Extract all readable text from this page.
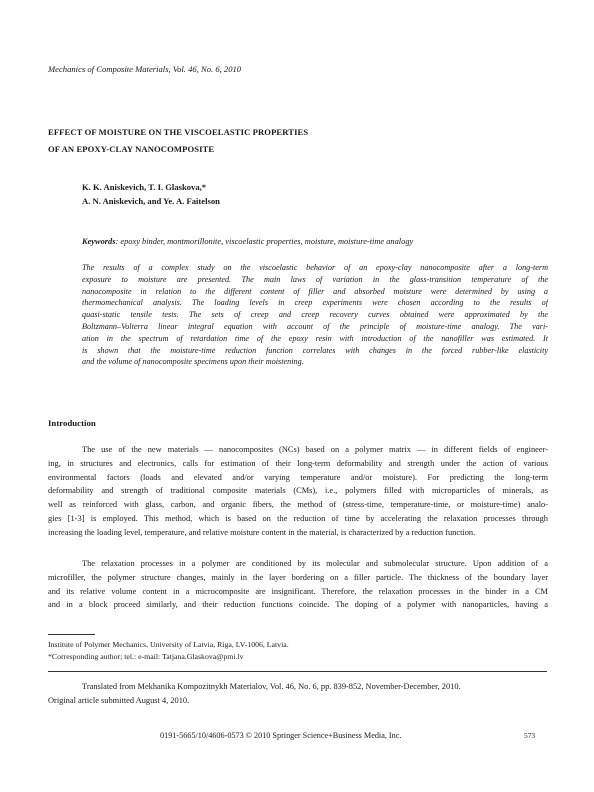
Mechanics of Composite Materials, Vol. 46, No. 6, 2010
EFFECT OF MOISTURE ON THE VISCOELASTIC PROPERTIES
OF AN EPOXY-CLAY NANOCOMPOSITE
K. K. Aniskevich, T. I. Glaskova,*
A. N. Aniskevich, and Ye. A. Faitelson
Keywords: epoxy binder, montmorillonite, viscoelastic properties, moisture, moisture-time analogy
The results of a complex study on the viscoelastic behavior of an epoxy-clay nanocomposite after a long-term
exposure to moisture are presented. The main laws of variation in the glass-transition temperature of the
nanocomposite in relation to the different content of filler and absorbed moisture were determined by using a
thermomechanical analysis. The loading levels in creep experiments were chosen according to the results of
quasi-static tensile tests. The sets of creep and creep recovery curves obtained were approximated by the
Boltzmann–Volterra linear integral equation with account of the principle of moisture-time analogy. The vari-
ation in the spectrum of retardation time of the epoxy resin with introduction of the nanofiller was estimated. It
is shown that the moisture-time reduction function correlates with changes in the forced rubber-like elasticity
and the volume of nanocomposite specimens upon their moistening.
Introduction
The use of the new materials — nanocomposites (NCs) based on a polymer matrix — in different fields of engineer-
ing, in structures and electronics, calls for estimation of their long-term deformability and strength under the action of various
environmental factors (loads and elevated and/or varying temperature and/or moisture). For predicting the long-term
deformability and strength of traditional composite materials (CMs), i.e., polymers filled with microparticles of minerals, as
well as reinforced with glass, carbon, and organic fibers, the method of (stress-time, temperature-time, or moisture-time) analo-
gies [1-3] is employed. This method, which is based on the reduction of time by accelerating the relaxation processes through
increasing the loading level, temperature, and relative moisture content in the material, is characterized by a reduction function.
The relaxation processes in a polymer are conditioned by its molecular and submolecular structure. Upon addition of a
microfiller, the polymer structure changes, mainly in the layer bordering on a filler particle. The thickness of the boundary layer
and its relative volume content in a microcomposite are insignificant. Therefore, the relaxation processes in the binder in a CM
and in a block proceed similarly, and their reduction functions coincide. The doping of a polymer with nanoparticles, having a
Institute of Polymer Mechanics, University of Latvia, Riga, LV-1006, Latvia.
*Corresponding author; tel.: e-mail: Tatjana.Glaskova@pmi.lv
Translated from Mekhanika Kompozitnykh Materialov, Vol. 46, No. 6, pp. 839-852, November-December, 2010.
Original article submitted August 4, 2010.
0191-5665/10/4606-0573 © 2010 Springer Science+Business Media, Inc.	573
